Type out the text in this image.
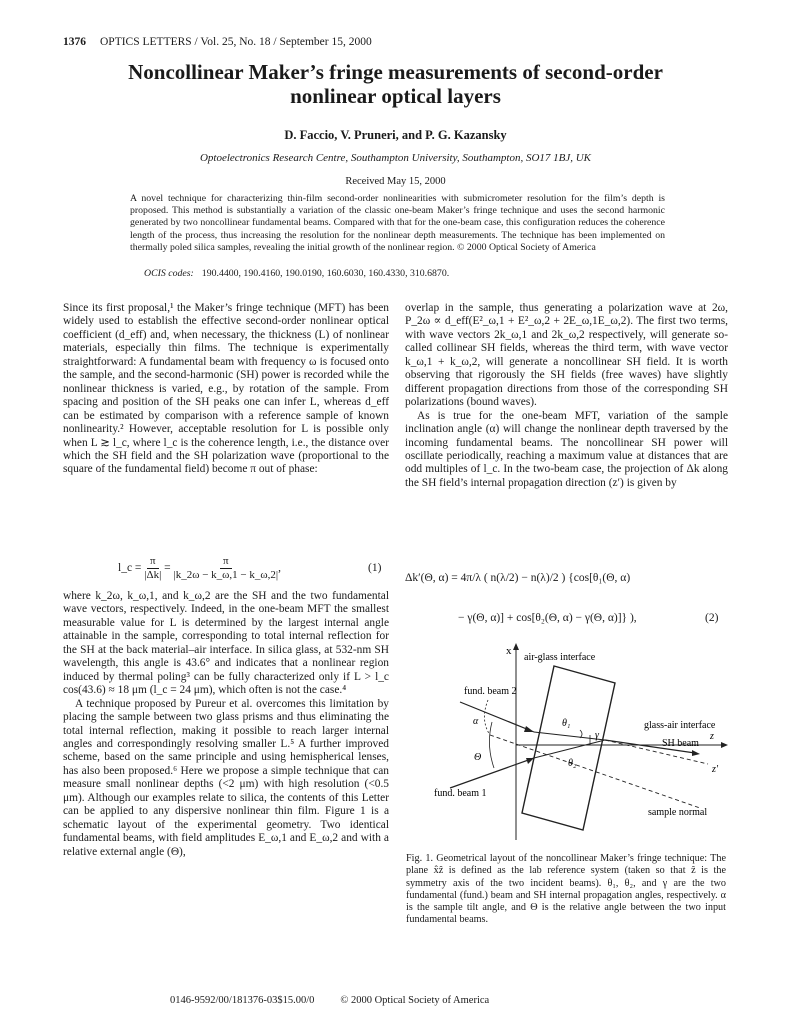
1376 OPTICS LETTERS / Vol. 25, No. 18 / September 15, 2000
Noncollinear Maker’s fringe measurements of second-order
nonlinear optical layers
D. Faccio, V. Pruneri, and P. G. Kazansky
Optoelectronics Research Centre, Southampton University, Southampton, SO17 1BJ, UK
Received May 15, 2000
A novel technique for characterizing thin-film second-order nonlinearities with submicrometer resolution for the film’s depth is proposed. This method is substantially a variation of the classic one-beam Maker’s fringe technique and uses the second harmonic generated by two noncollinear fundamental beams. Compared with that for the one-beam case, this configuration reduces the coherence length of the process, thus increasing the resolution for the nonlinear depth measurements. The technique has been implemented on thermally poled silica samples, revealing the initial growth of the nonlinear region. © 2000 Optical Society of America
OCIS codes: 190.4400, 190.4160, 190.0190, 160.6030, 160.4330, 310.6870.

Since its first proposal,¹ the Maker’s fringe technique (MFT) has been widely used to establish the effective second-order nonlinear optical coefficient (d_eff) and, when necessary, the thickness (L) of nonlinear materials, especially thin films. The technique is experimentally straightforward: A fundamental beam with frequency ω is focused onto the sample, and the second-harmonic (SH) power is recorded while the nonlinear thickness is varied, e.g., by rotation of the sample. From spacing and position of the SH peaks one can infer L, whereas d_eff can be estimated by comparison with a reference sample of known nonlinearity.² However, acceptable resolution for L is possible only when L ≳ l_c, where l_c is the coherence length, i.e., the distance over which the SH field and the SH polarization wave (proportional to the square of the fundamental field) become π out of phase:

l_c = $\frac{\pi}{|\Delta k|} = \frac{\pi}{|k\_2\omega - k\_\omega,1 - k\_\omega,2|}$ ,	(1)

where k_2ω, k_ω,1, and k_ω,2 are the SH and the two fundamental wave vectors, respectively. Indeed, in the one-beam MFT the smallest measurable value for L is determined by the largest internal angle attainable in the sample, corresponding to total internal reflection for the SH at the back material–air interface. In silica glass, at 532-nm SH wavelength, this angle is 43.6° and indicates that a nonlinear region induced by thermal poling³ can be fully characterized only if L > l_c cos(43.6) ≈ 18 μm (l_c = 24 μm), which often is not the case.⁴

A technique proposed by Pureur et al. overcomes this limitation by placing the sample between two glass prisms and thus eliminating the total internal reflection, making it possible to reach larger internal angles and correspondingly resolving smaller L.⁵ A further improved scheme, based on the same principle and using hemispherical lenses, has also been proposed.⁶ Here we propose a simple technique that can measure small nonlinear depths (<2 μm) with high resolution (<0.5 μm). Although our examples relate to silica, the contents of this Letter can be applied to any dispersive nonlinear thin film. Figure 1 is a schematic layout of the experimental geometry. Two identical fundamental beams, with field amplitudes E_ω,1 and E_ω,2 and with a relative external angle (Θ),

overlap in the sample, thus generating a polarization wave at 2ω, P_2ω ∝ d_eff(E²_ω,1 + E²_ω,2 + 2E_ω,1E_ω,2). The first two terms, with wave vectors 2k_ω,1 and 2k_ω,2 respectively, will generate so-called collinear SH fields, whereas the third term, with wave vector k_ω,1 + k_ω,2, will generate a noncollinear SH field. It is worth observing that rigorously the SH fields (free waves) have slightly different propagation directions from those of the corresponding SH polarizations (bound waves).

As is true for the one-beam MFT, variation of the sample inclination angle (α) will change the nonlinear depth traversed by the incoming fundamental beams. The noncollinear SH power will oscillate periodically, reaching a maximum value at distances that are odd multiples of l_c. In the two-beam case, the projection of Δk along the SH field’s internal propagation direction (z′) is given by

Δk′(Θ, α) = 4π/λ ( n(λ/2) − n(λ)/2 ) {cos[θ₁(Θ, α)
− γ(Θ, α)] + cos[θ₂(Θ, α) − γ(Θ, α)]} ),	(2)
x
z
air-glass interface
fund. beam 2
glass-air interface
α	θ₁
γ
θ₂
Θ
SH beam
z′
fund. beam 1
sample normal
Fig. 1. Geometrical layout of the noncollinear Maker’s fringe technique: The plane x̂ẑ is defined as the lab reference system (taken so that ẑ is the symmetry axis of the two incident beams). θ₁, θ₂, and γ are the two fundamental (fund.) beam and SH internal propagation angles, respectively. α is the sample tilt angle, and Θ is the relative angle between the two input fundamental beams.
0146-9592/00/181376-03$15.00/0 © 2000 Optical Society of America
